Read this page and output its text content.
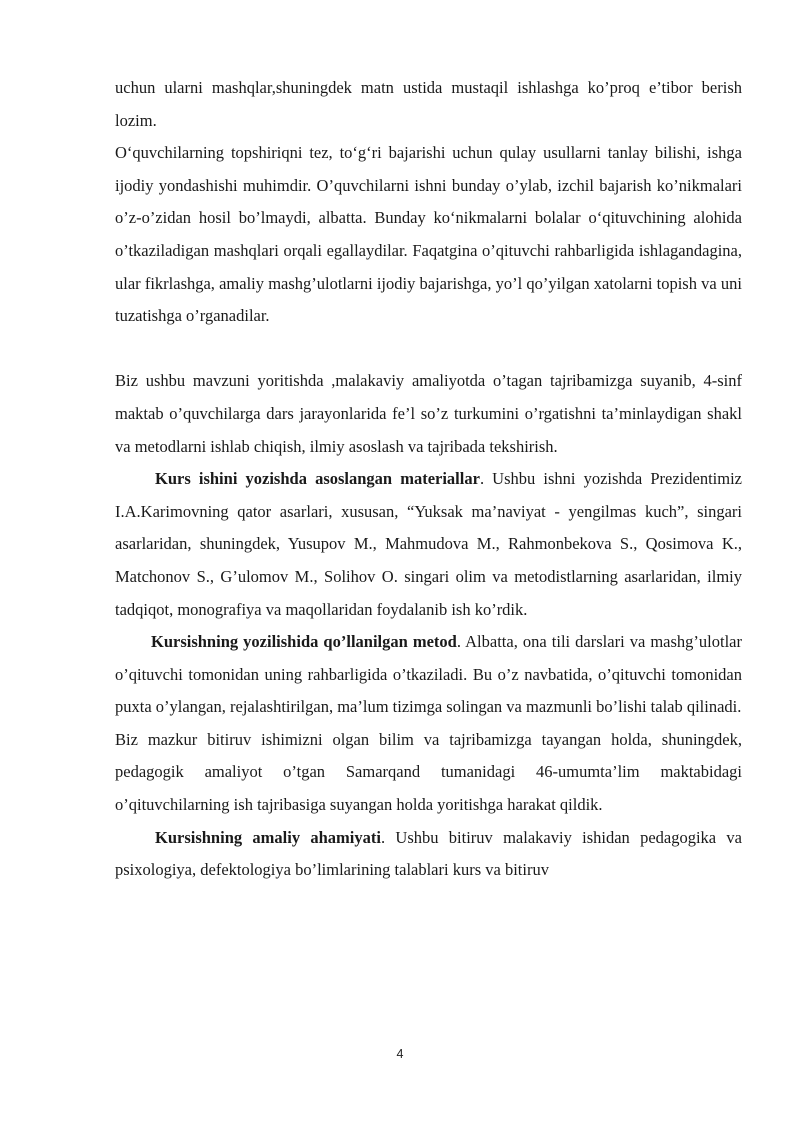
uchun ularni mashqlar,shuningdek matn ustida mustaqil ishlashga ko’proq e’tibor berish lozim.

O‘quvchilarning topshiriqni tez, to‘g‘ri bajarishi uchun qulay usullarni tanlay bilishi, ishga ijodiy yondashishi muhimdir. O’quvchilarni ishni bunday o’ylab, izchil bajarish ko’nikmalari o’z-o’zidan hosil bo’lmaydi, albatta. Bunday ko‘nikmalarni bolalar o‘qituvchining alohida o’tkaziladigan mashqlari orqali egallaydilar. Faqatgina o’qituvchi rahbarligida ishlagandagina, ular fikrlashga, amaliy mashg’ulotlarni ijodiy bajarishga, yo’l qo’yilgan xatolarni topish va uni tuzatishga o’rganadilar.

Biz ushbu mavzuni yoritishda ,malakaviy amaliyotda o’tagan tajribamizga suyanib, 4-sinf maktab o’quvchilarga dars jarayonlarida fe’l so’z turkumini o’rgatishni ta’minlaydigan shakl va metodlarni ishlab chiqish, ilmiy asoslash va tajribada tekshirish.

Kurs ishini yozishda asoslangan materiallar. Ushbu ishni yozishda Prezidentimiz I.A.Karimovning qator asarlari, xususan, “Yuksak ma’naviyat - yengilmas kuch”, singari asarlaridan, shuningdek, Yusupov M., Mahmudova M., Rahmonbekova S., Qosimova K., Matchonov S., G’ulomov M., Solihov O. singari olim va metodistlarning asarlaridan, ilmiy tadqiqot, monografiya va maqollaridan foydalanib ish ko’rdik.

Kursishning yozilishida qo’llanilgan metod. Albatta, ona tili darslari va mashg’ulotlar o’qituvchi tomonidan uning rahbarligida o’tkaziladi. Bu o’z navbatida, o’qituvchi tomonidan puxta o’ylangan, rejalashtirilgan, ma’lum tizimga solingan va mazmunli bo’lishi talab qilinadi.

Biz mazkur bitiruv ishimizni olgan bilim va tajribamizga tayangan holda, shuningdek, pedagogik amaliyot o’tgan Samarqand tumanidagi 46-umumta’lim maktabidagi o’qituvchilarning ish tajribasiga suyangan holda yoritishga harakat qildik.

Kursishning amaliy ahamiyati. Ushbu bitiruv malakaviy ishidan pedagogika va psixologiya, defektologiya bo’limlarining talablari kurs va bitiruv

4
